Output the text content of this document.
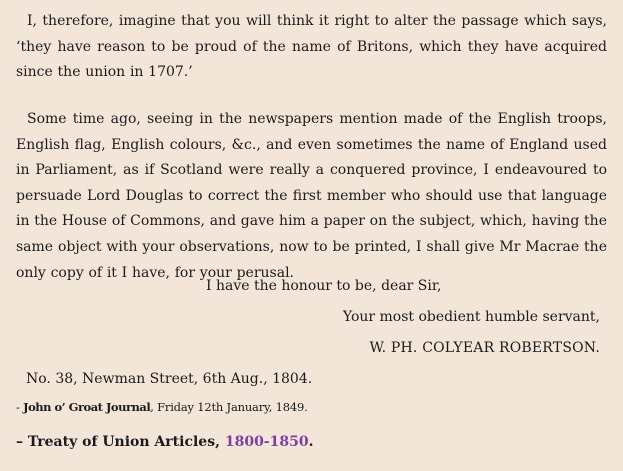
I, therefore, imagine that you will think it right to alter the passage which says, ‘they have reason to be proud of the name of Britons, which they have acquired since the union in 1707.’

Some time ago, seeing in the newspapers mention made of the English troops, English flag, English colours, &c., and even sometimes the name of England used in Parliament, as if Scotland were really a conquered province, I endeavoured to persuade Lord Douglas to correct the first member who should use that language in the House of Commons, and gave him a paper on the subject, which, having the same object with your observations, now to be printed, I shall give Mr Macrae the only copy of it I have, for your perusal.

I have the honour to be, dear Sir,
Your most obedient humble servant,
W. PH. COLYEAR ROBERTSON.
No. 38, Newman Street, 6th Aug., 1804.
- John o’ Groat Journal, Friday 12th January, 1849.
– Treaty of Union Articles, 1800-1850.
